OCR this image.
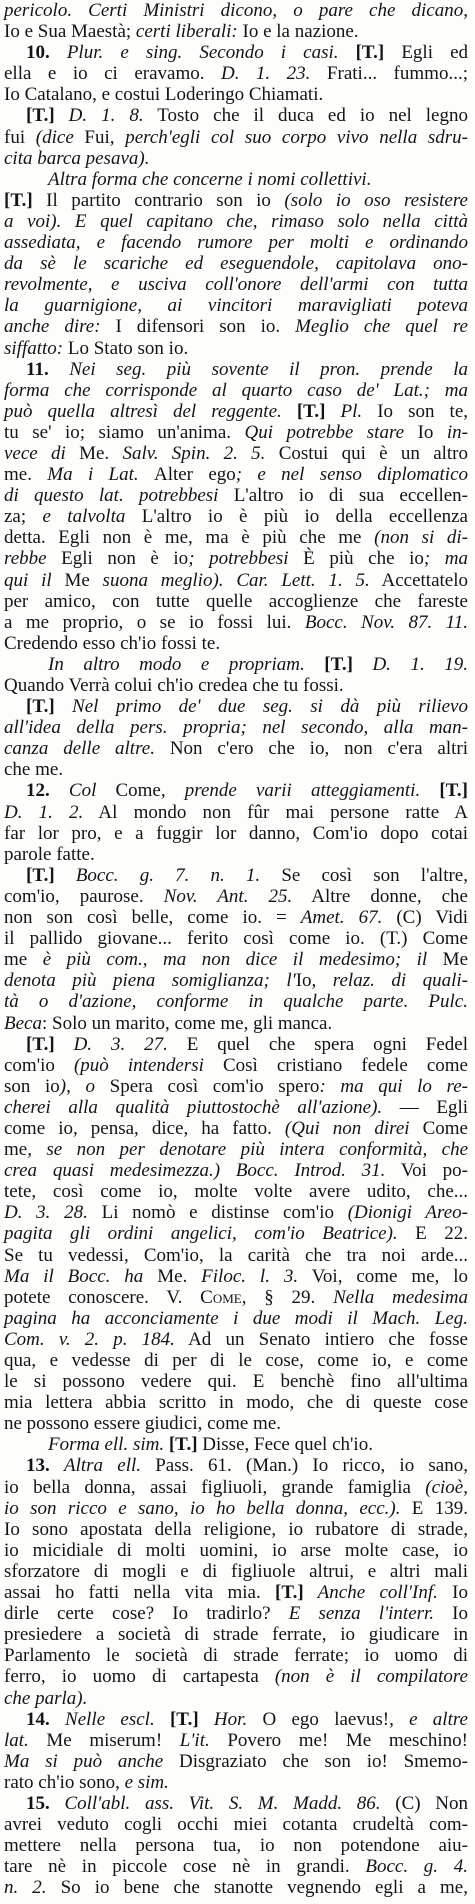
pericolo. Certi Ministri dicono, o pare che dicano,
Io e Sua Maestà; certi liberali: Io e la nazione.
10. Plur. e sing. Secondo i casi. [T.] Egli ed
ella e io ci eravamo. D. 1. 23. Frati... fummo...;
Io Catalano, e costui Loderingo Chiamati.
[T.] D. 1. 8. Tosto che il duca ed io nel legno
fui (dice Fui, perch'egli col suo corpo vivo nella sdru-
cita barca pesava).
Altra forma che concerne i nomi collettivi.
[T.] Il partito contrario son io (solo io oso resistere
a voi). E quel capitano che, rimaso solo nella città
assediata, e facendo rumore per molti e ordinando
da sè le scariche ed eseguendole, capitolava ono-
revolmente, e usciva coll'onore dell'armi con tutta
la guarnigione, ai vincitori maravigliati poteva
anche dire: I difensori son io. Meglio che quel re
siffatto: Lo Stato son io.
11. Nei seg. più sovente il pron. prende la
forma che corrisponde al quarto caso de' Lat.; ma
può quella altresì del reggente. [T.] Pl. Io son te,
tu se' io; siamo un'anima. Qui potrebbe stare Io in-
vece di Me. Salv. Spin. 2. 5. Costui qui è un altro
me. Ma i Lat. Alter ego; e nel senso diplomatico
di questo lat. potrebbesi L'altro io di sua eccellen-
za; e talvolta L'altro io è più io della eccellenza
detta. Egli non è me, ma è più che me (non si di-
rebbe Egli non è io; potrebbesi È più che io; ma
qui il Me suona meglio). Car. Lett. 1. 5. Accettatelo
per amico, con tutte quelle accoglienze che fareste
a me proprio, o se io fossi lui. Bocc. Nov. 87. 11.
Credendo esso ch'io fossi te.
In altro modo e propriam. [T.] D. 1. 19.
Quando Verrà colui ch'io credea che tu fossi.
[T.] Nel primo de' due seg. si dà più rilievo
all'idea della pers. propria; nel secondo, alla man-
canza delle altre. Non c'ero che io, non c'era altri
che me.
12. Col Come, prende varii atteggiamenti. [T.]
D. 1. 2. Al mondo non fûr mai persone ratte A
far lor pro, e a fuggir lor danno, Com'io dopo cotai
parole fatte.
[T.] Bocc. g. 7. n. 1. Se così son l'altre,
com'io, paurose. Nov. Ant. 25. Altre donne, che
non son così belle, come io. = Amet. 67. (C) Vidi
il pallido giovane... ferito così come io. (T.) Come
me è più com., ma non dice il medesimo; il Me
denota più piena somiglianza; l'Io, relaz. di quali-
tà o d'azione, conforme in qualche parte. Pulc.
Beca: Solo un marito, come me, gli manca.
[T.] D. 3. 27. E quel che spera ogni Fedel
com'io (può intendersi Così cristiano fedele come
son io), o Spera così com'io spero: ma qui lo re-
cherei alla qualità piuttostochè all'azione). — Egli
come io, pensa, dice, ha fatto. (Qui non direi Come
me, se non per denotare più intera conformità, che
crea quasi medesimezza.) Bocc. Introd. 31. Voi po-
tete, così come io, molte volte avere udito, che...
D. 3. 28. Li nomò e distinse com'io (Dionigi Areo-
pagita gli ordini angelici, com'io Beatrice). E 22.
Se tu vedessi, Com'io, la carità che tra noi arde...
Ma il Bocc. ha Me. Filoc. l. 3. Voi, come me, lo
potete conoscere. V. Come, § 29. Nella medesima
pagina ha acconciamente i due modi il Mach. Leg.
Com. v. 2. p. 184. Ad un Senato intiero che fosse
qua, e vedesse di per di le cose, come io, e come
le si possono vedere qui. E benchè fino all'ultima
mia lettera abbia scritto in modo, che di queste cose
ne possono essere giudici, come me.
Forma ell. sim. [T.] Disse, Fece quel ch'io.
13. Altra ell. Pass. 61. (Man.) Io ricco, io sano,
io bella donna, assai figliuoli, grande famiglia (cioè,
io son ricco e sano, io ho bella donna, ecc.). E 139.
Io sono apostata della religione, io rubatore di strade,
io micidiale di molti uomini, io arse molte case, io
sforzatore di mogli e di figliuole altrui, e altri mali
assai ho fatti nella vita mia. [T.] Anche coll'Inf. Io
dirle certe cose? Io tradirlo? E senza l'interr. Io
presiedere a società di strade ferrate, io giudicare in
Parlamento le società di strade ferrate; io uomo di
ferro, io uomo di cartapesta (non è il compilatore
che parla).
14. Nelle escl. [T.] Hor. O ego laevus!, e altre
lat. Me miserum! L'it. Povero me! Me meschino!
Ma si può anche Disgraziato che son io! Smemo-
rato ch'io sono, e sim.
15. Coll'abl. ass. Vit. S. M. Madd. 86. (C) Non
avrei veduto cogli occhi miei cotanta crudeltà com-
mettere nella persona tua, io non potendone aiu-
tare nè in piccole cose nè in grandi. Bocc. g. 4.
n. 2. So io bene che stanotte vegnendo egli a me,
